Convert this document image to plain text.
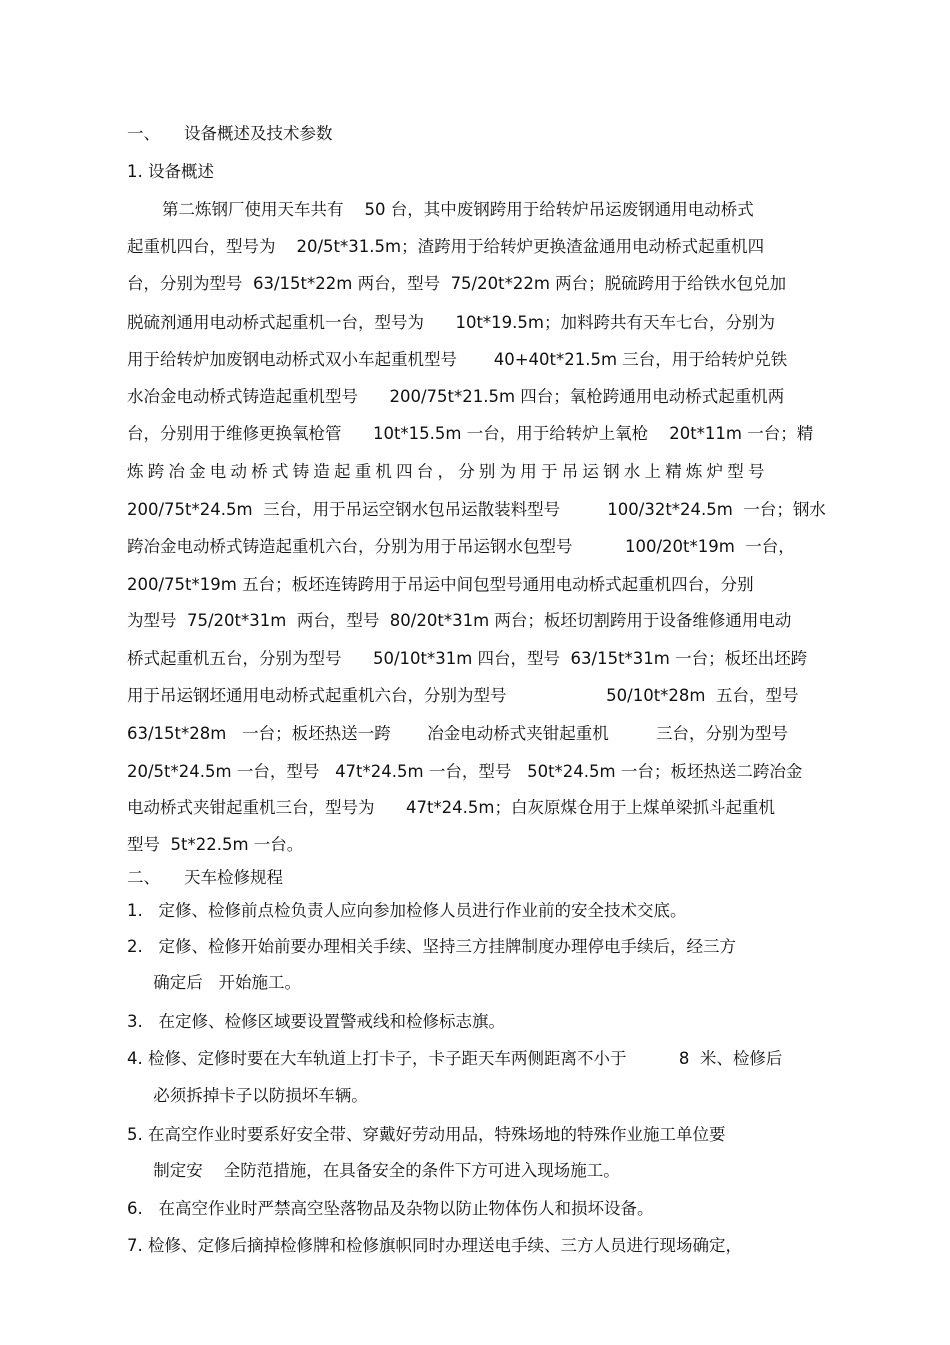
一、 设备概述及技术参数
1. 设备概述
第二炼钢厂使用天车共有    50 台，其中废钢跨用于给转炉吊运废钢通用电动桥式
起重机四台，型号为    20/5t*31.5m；渣跨用于给转炉更换渣盆通用电动桥式起重机四
台，分别为型号  63/15t*22m 两台，型号  75/20t*22m 两台；脱硫跨用于给铁水包兑加
脱硫剂通用电动桥式起重机一台，型号为      10t*19.5m；加料跨共有天车七台，分别为
用于给转炉加废钢电动桥式双小车起重机型号       40+40t*21.5m 三台，用于给转炉兑铁
水冶金电动桥式铸造起重机型号      200/75t*21.5m 四台；氧枪跨通用电动桥式起重机两
台，分别用于维修更换氧枪管      10t*15.5m 一台，用于给转炉上氧枪    20t*11m 一台；精
炼跨冶金电动桥式铸造起重机四台，分别为用于吊运钢水上精炼炉型号
200/75t*24.5m  三台，用于吊运空钢水包吊运散装料型号         100/32t*24.5m  一台；钢水
跨冶金电动桥式铸造起重机六台，分别为用于吊运钢水包型号          100/20t*19m  一台，
200/75t*19m 五台；板坯连铸跨用于吊运中间包型号通用电动桥式起重机四台，分别
为型号  75/20t*31m  两台，型号  80/20t*31m 两台；板坯切割跨用于设备维修通用电动
桥式起重机五台，分别为型号      50/10t*31m 四台，型号  63/15t*31m 一台；板坯出坯跨
用于吊运钢坯通用电动桥式起重机六台，分别为型号                   50/10t*28m  五台，型号
63/15t*28m   一台；板坯热送一跨       冶金电动桥式夹钳起重机         三台，分别为型号
20/5t*24.5m 一台，型号   47t*24.5m 一台，型号   50t*24.5m 一台；板坯热送二跨冶金
电动桥式夹钳起重机三台，型号为      47t*24.5m；白灰原煤仓用于上煤单梁抓斗起重机
型号  5t*22.5m 一台。
二、 天车检修规程
1.   定修、检修前点检负责人应向参加检修人员进行作业前的安全技术交底。
2.   定修、检修开始前要办理相关手续、坚持三方挂牌制度办理停电手续后，经三方
确定后   开始施工。
3.   在定修、检修区域要设置警戒线和检修标志旗。
4. 检修、定修时要在大车轨道上打卡子，卡子距天车两侧距离不小于          8  米、检修后
必须拆掉卡子以防损坏车辆。
5. 在高空作业时要系好安全带、穿戴好劳动用品，特殊场地的特殊作业施工单位要
制定安    全防范措施，在具备安全的条件下方可进入现场施工。
6.   在高空作业时严禁高空坠落物品及杂物以防止物体伤人和损坏设备。
7. 检修、定修后摘掉检修牌和检修旗帜同时办理送电手续、三方人员进行现场确定，
